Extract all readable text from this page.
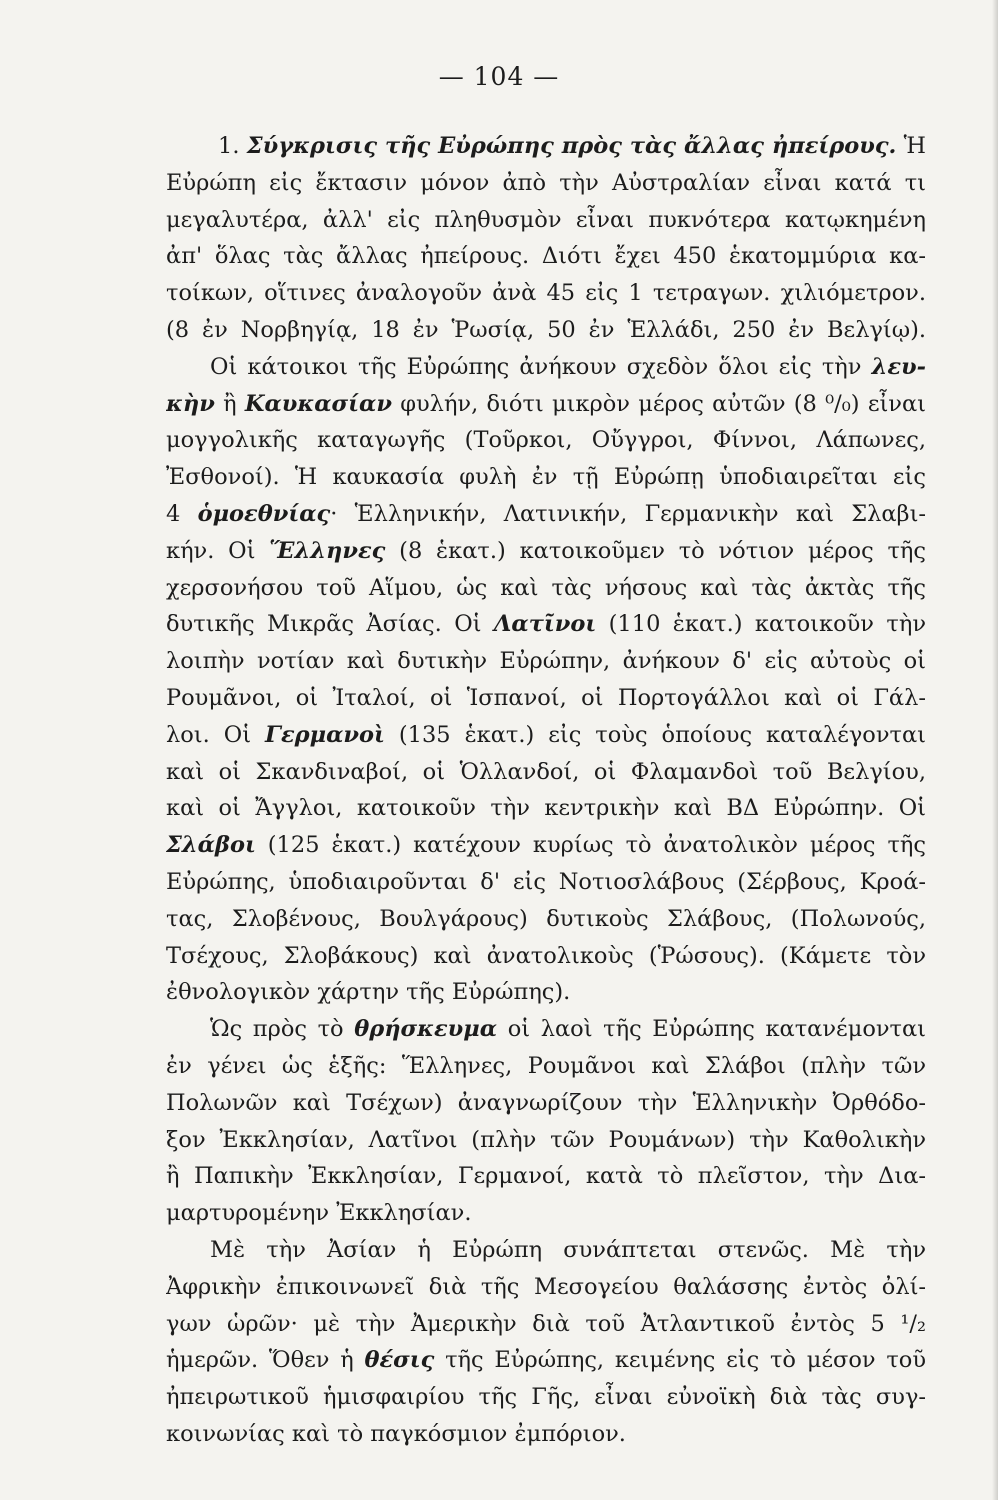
— 104 —
1. Σύγκρισις τῆς Εὐρώπης πρὸς τὰς ἄλλας ἠπείρους. Ἡ
Εὐρώπη εἰς ἔκτασιν μόνον ἀπὸ τὴν Αὐστραλίαν εἶναι κατά τι
μεγαλυτέρα, ἀλλ' εἰς πληθυσμὸν εἶναι πυκνότερα κατῳκημένη
ἀπ' ὅλας τὰς ἄλλας ἠπείρους. Διότι ἔχει 450 ἑκατομμύρια κα-
τοίκων, οἵτινες ἀναλογοῦν ἀνὰ 45 εἰς 1 τετραγων. χιλιόμετρον.
(8 ἐν Νορβηγίᾳ, 18 ἐν Ῥωσίᾳ, 50 ἐν Ἑλλάδι, 250 ἐν Βελγίῳ).
Οἱ κάτοικοι τῆς Εὐρώπης ἀνήκουν σχεδὸν ὅλοι εἰς τὴν λευ-
κὴν ἢ Καυκασίαν φυλήν, διότι μικρὸν μέρος αὐτῶν (8 ⁰/₀) εἶναι
μογγολικῆς καταγωγῆς (Τοῦρκοι, Οὔγγροι, Φίννοι, Λάπωνες,
Ἐσθονοί). Ἡ καυκασία φυλὴ ἐν τῇ Εὐρώπῃ ὑποδιαιρεῖται εἰς
4 ὁμοεθνίας· Ἑλληνικήν, Λατινικήν, Γερμανικὴν καὶ Σλαβι-
κήν. Οἱ Ἕλληνες (8 ἑκατ.) κατοικοῦμεν τὸ νότιον μέρος τῆς
χερσονήσου τοῦ Αἵμου, ὡς καὶ τὰς νήσους καὶ τὰς ἀκτὰς τῆς
δυτικῆς Μικρᾶς Ἀσίας. Οἱ Λατῖνοι (110 ἑκατ.) κατοικοῦν τὴν
λοιπὴν νοτίαν καὶ δυτικὴν Εὐρώπην, ἀνήκουν δ' εἰς αὐτοὺς οἱ
Ρουμᾶνοι, οἱ Ἰταλοί, οἱ Ἱσπανοί, οἱ Πορτογάλλοι καὶ οἱ Γάλ-
λοι. Οἱ Γερμανοὶ (135 ἑκατ.) εἰς τοὺς ὁποίους καταλέγονται
καὶ οἱ Σκανδιναβοί, οἱ Ὁλλανδοί, οἱ Φλαμανδοὶ τοῦ Βελγίου,
καὶ οἱ Ἄγγλοι, κατοικοῦν τὴν κεντρικὴν καὶ ΒΔ Εὐρώπην. Οἱ
Σλάβοι (125 ἑκατ.) κατέχουν κυρίως τὸ ἀνατολικὸν μέρος τῆς
Εὐρώπης, ὑποδιαιροῦνται δ' εἰς Νοτιοσλάβους (Σέρβους, Κροά-
τας, Σλοβένους, Βουλγάρους) δυτικοὺς Σλάβους, (Πολωνούς,
Τσέχους, Σλοβάκους) καὶ ἀνατολικοὺς (Ῥώσους). (Κάμετε τὸν
ἐθνολογικὸν χάρτην τῆς Εὐρώπης).
Ὡς πρὸς τὸ θρήσκευμα οἱ λαοὶ τῆς Εὐρώπης κατανέμονται
ἐν γένει ὡς ἑξῆς: Ἕλληνες, Ρουμᾶνοι καὶ Σλάβοι (πλὴν τῶν
Πολωνῶν καὶ Τσέχων) ἀναγνωρίζουν τὴν Ἑλληνικὴν Ὀρθόδο-
ξον Ἐκκλησίαν, Λατῖνοι (πλὴν τῶν Ρουμάνων) τὴν Καθολικὴν
ἢ Παπικὴν Ἐκκλησίαν, Γερμανοί, κατὰ τὸ πλεῖστον, τὴν Δια-
μαρτυρομένην Ἐκκλησίαν.
Μὲ τὴν Ἀσίαν ἡ Εὐρώπη συνάπτεται στενῶς. Μὲ τὴν
Ἀφρικὴν ἐπικοινωνεῖ διὰ τῆς Μεσογείου θαλάσσης ἐντὸς ὀλί-
γων ὡρῶν· μὲ τὴν Ἀμερικὴν διὰ τοῦ Ἀτλαντικοῦ ἐντὸς 5 ¹/₂
ἡμερῶν. Ὅθεν ἡ θέσις τῆς Εὐρώπης, κειμένης εἰς τὸ μέσον τοῦ
ἠπειρωτικοῦ ἡμισφαιρίου τῆς Γῆς, εἶναι εὐνοϊκὴ διὰ τὰς συγ-
κοινωνίας καὶ τὸ παγκόσμιον ἐμπόριον.
